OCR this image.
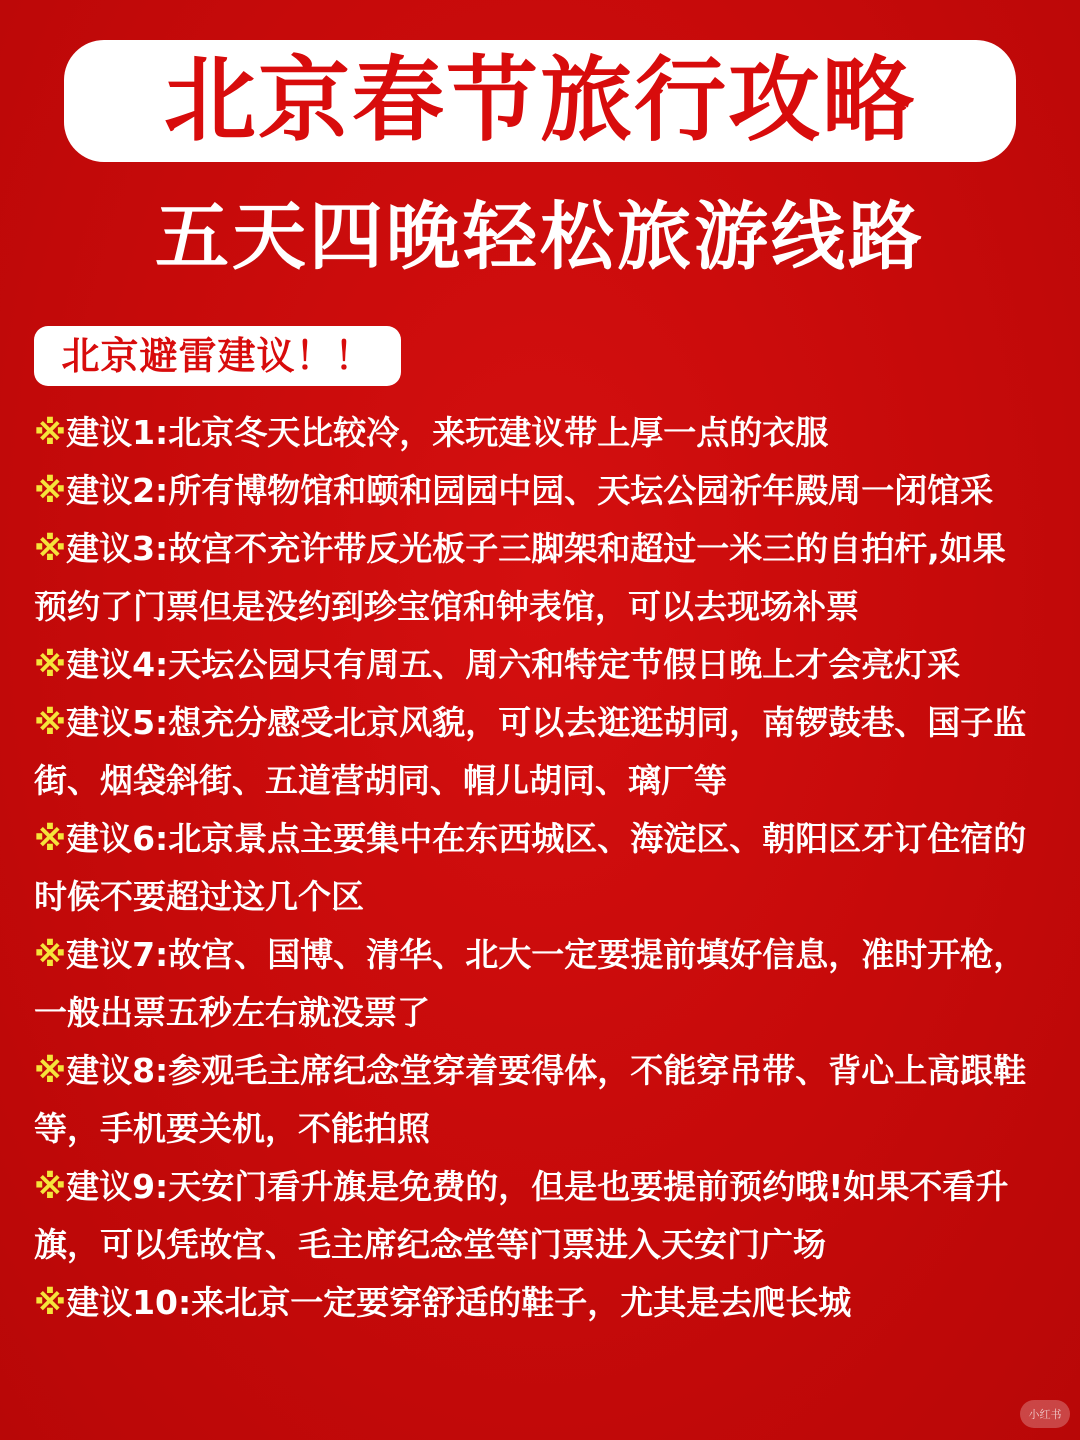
北京春节旅行攻略
五天四晚轻松旅游线路
北京避雷建议！！
※建议1:北京冬天比较冷，来玩建议带上厚一点的衣服
※建议2:所有博物馆和颐和园园中园、天坛公园祈年殿周一闭馆采
※建议3:故宫不充许带反光板子三脚架和超过一米三的自拍杆,如果预约了门票但是没约到珍宝馆和钟表馆，可以去现场补票
※建议4:天坛公园只有周五、周六和特定节假日晚上才会亮灯采
※建议5:想充分感受北京风貌，可以去逛逛胡同，南锣鼓巷、国子监街、烟袋斜街、五道营胡同、帽儿胡同、璃厂等
※建议6:北京景点主要集中在东西城区、海淀区、朝阳区牙订住宿的时候不要超过这几个区
※建议7:故宫、国博、清华、北大一定要提前填好信息，准时开枪，一般出票五秒左右就没票了
※建议8:参观毛主席纪念堂穿着要得体，不能穿吊带、背心上高跟鞋等，手机要关机，不能拍照
※建议9:天安门看升旗是免费的，但是也要提前预约哦!如果不看升旗，可以凭故宫、毛主席纪念堂等门票进入天安门广场
※建议10:来北京一定要穿舒适的鞋子，尤其是去爬长城
小红书
